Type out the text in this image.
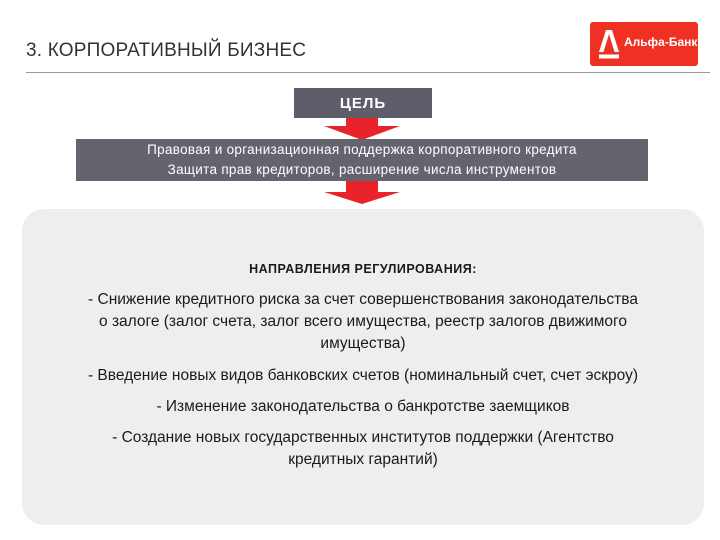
3. КОРПОРАТИВНЫЙ БИЗНЕС	Альфа-Банк
ЦЕЛЬ
Правовая и организационная поддержка корпоративного кредита
Защита прав кредиторов, расширение числа инструментов
НАПРАВЛЕНИЯ РЕГУЛИРОВАНИЯ:
- Снижение кредитного риска за счет совершенствования законодательства
о залоге (залог счета, залог всего имущества, реестр залогов движимого
имущества)
- Введение новых видов банковских счетов (номинальный счет, счет эскроу)
- Изменение законодательства о банкротстве заемщиков
- Создание новых государственных институтов поддержки (Агентство
кредитных гарантий)
